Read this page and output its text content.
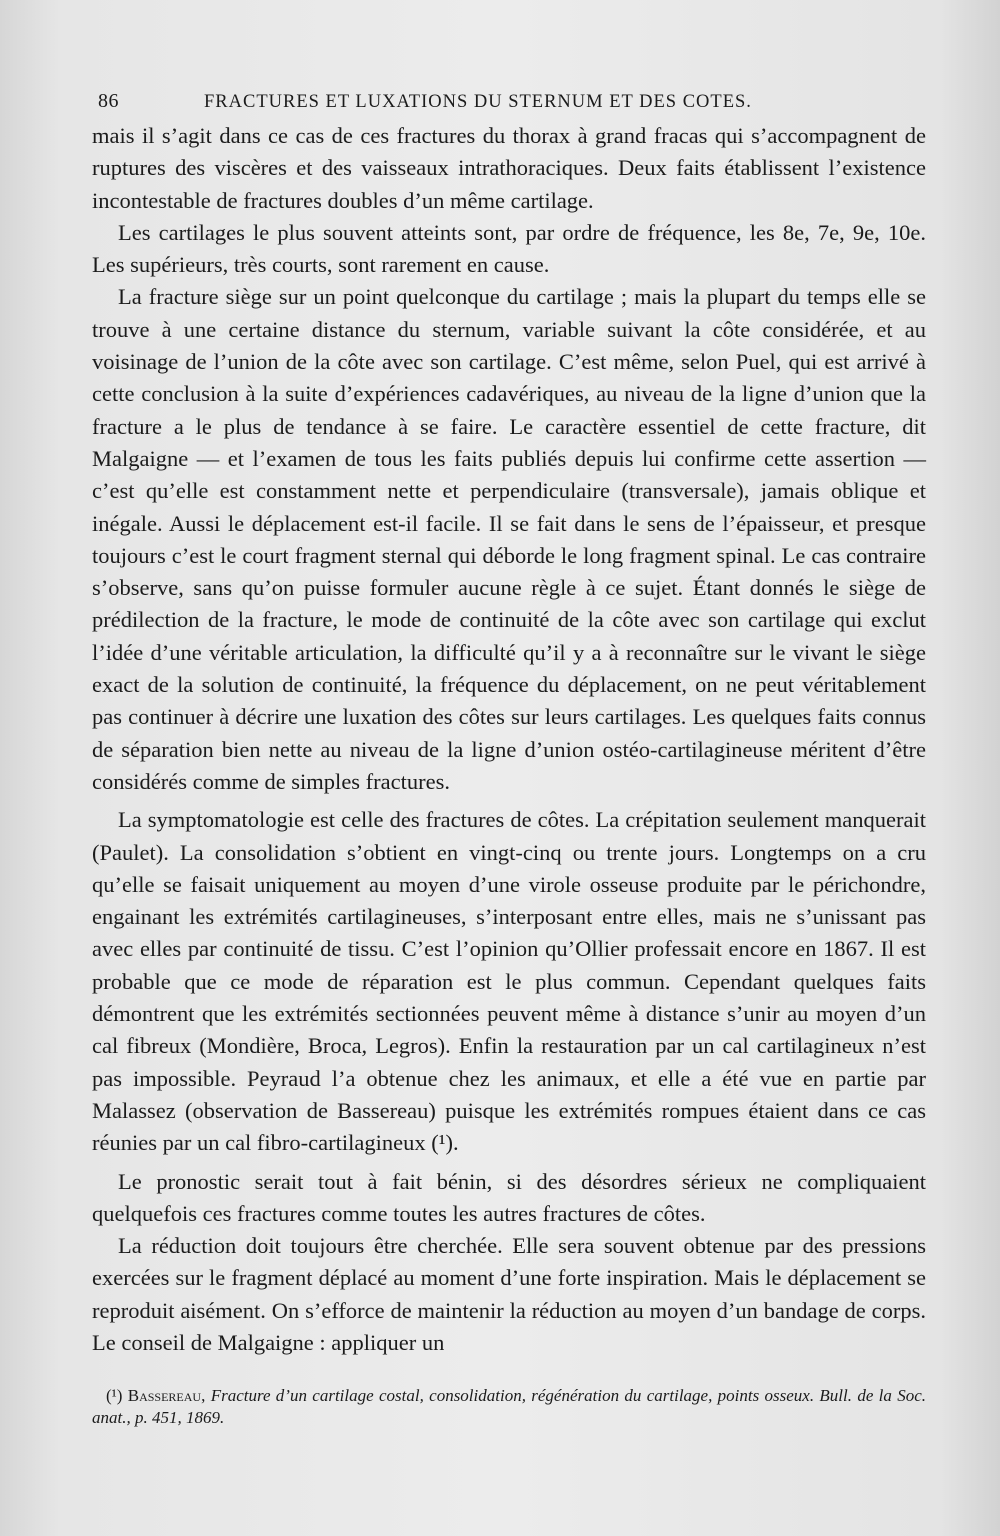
86	FRACTURES ET LUXATIONS DU STERNUM ET DES COTES.

mais il s’agit dans ce cas de ces fractures du thorax à grand fracas qui s’accompagnent de ruptures des viscères et des vaisseaux intrathoraciques. Deux faits établissent l’existence incontestable de fractures doubles d’un même cartilage.

Les cartilages le plus souvent atteints sont, par ordre de fréquence, les 8e, 7e, 9e, 10e. Les supérieurs, très courts, sont rarement en cause.

La fracture siège sur un point quelconque du cartilage ; mais la plupart du temps elle se trouve à une certaine distance du sternum, variable suivant la côte considérée, et au voisinage de l’union de la côte avec son cartilage. C’est même, selon Puel, qui est arrivé à cette conclusion à la suite d’expériences cadavériques, au niveau de la ligne d’union que la fracture a le plus de tendance à se faire. Le caractère essentiel de cette fracture, dit Malgaigne — et l’examen de tous les faits publiés depuis lui confirme cette assertion — c’est qu’elle est constamment nette et perpendiculaire (transversale), jamais oblique et inégale. Aussi le déplacement est-il facile. Il se fait dans le sens de l’épaisseur, et presque toujours c’est le court fragment sternal qui déborde le long fragment spinal. Le cas contraire s’observe, sans qu’on puisse formuler aucune règle à ce sujet. Étant donnés le siège de prédilection de la fracture, le mode de continuité de la côte avec son cartilage qui exclut l’idée d’une véritable articulation, la difficulté qu’il y a à reconnaître sur le vivant le siège exact de la solution de continuité, la fréquence du déplacement, on ne peut véritablement pas continuer à décrire une luxation des côtes sur leurs cartilages. Les quelques faits connus de séparation bien nette au niveau de la ligne d’union ostéo-cartilagineuse méritent d’être considérés comme de simples fractures.

La symptomatologie est celle des fractures de côtes. La crépitation seulement manquerait (Paulet). La consolidation s’obtient en vingt-cinq ou trente jours. Longtemps on a cru qu’elle se faisait uniquement au moyen d’une virole osseuse produite par le périchondre, engainant les extrémités cartilagineuses, s’interposant entre elles, mais ne s’unissant pas avec elles par continuité de tissu. C’est l’opinion qu’Ollier professait encore en 1867. Il est probable que ce mode de réparation est le plus commun. Cependant quelques faits démontrent que les extrémités sectionnées peuvent même à distance s’unir au moyen d’un cal fibreux (Mondière, Broca, Legros). Enfin la restauration par un cal cartilagineux n’est pas impossible. Peyraud l’a obtenue chez les animaux, et elle a été vue en partie par Malassez (observation de Bassereau) puisque les extrémités rompues étaient dans ce cas réunies par un cal fibro-cartilagineux (¹).

Le pronostic serait tout à fait bénin, si des désordres sérieux ne compliquaient quelquefois ces fractures comme toutes les autres fractures de côtes.

La réduction doit toujours être cherchée. Elle sera souvent obtenue par des pressions exercées sur le fragment déplacé au moment d’une forte inspiration. Mais le déplacement se reproduit aisément. On s’efforce de maintenir la réduction au moyen d’un bandage de corps. Le conseil de Malgaigne : appliquer un

(¹) Bassereau, Fracture d’un cartilage costal, consolidation, régénération du cartilage, points osseux. Bull. de la Soc. anat., p. 451, 1869.
